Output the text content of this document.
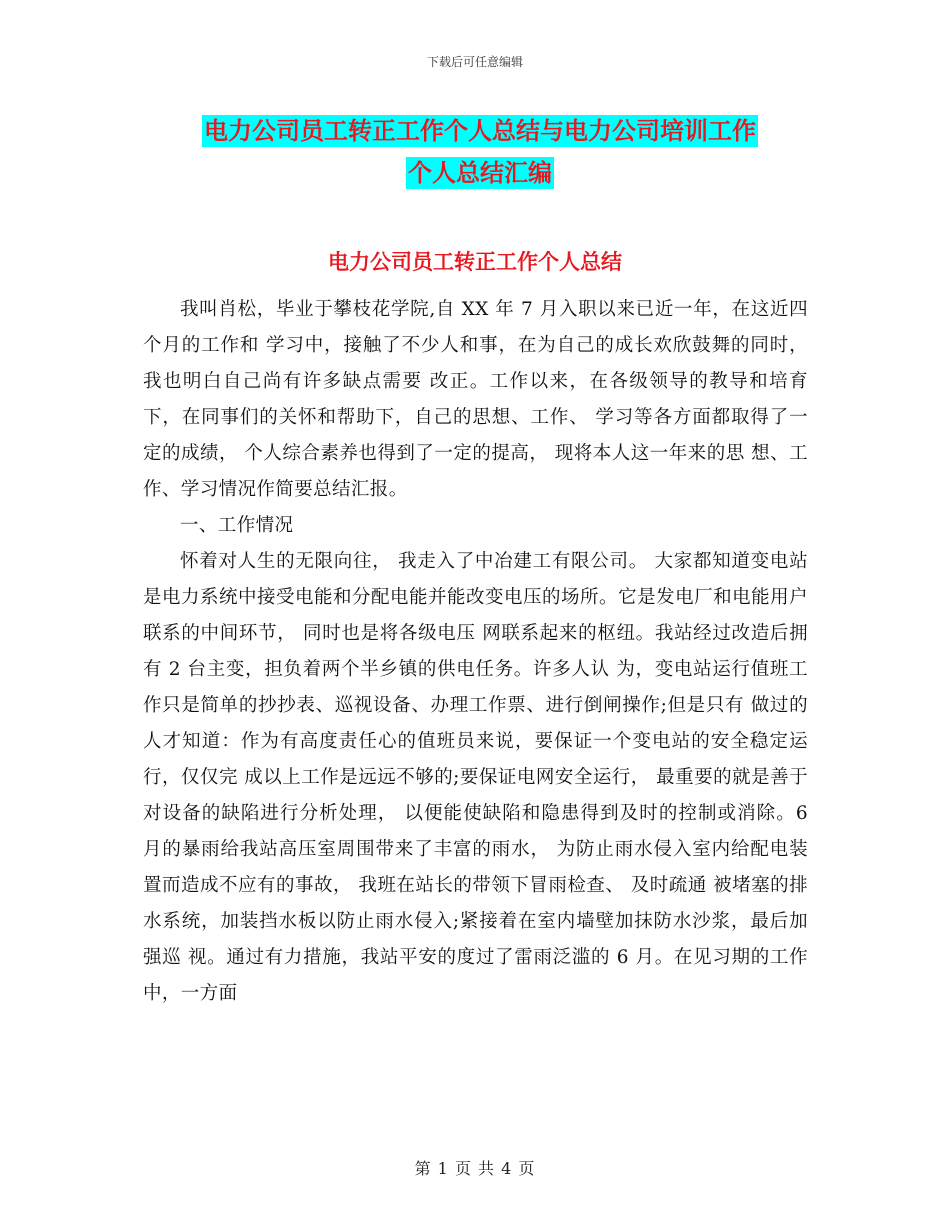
下载后可任意编辑
电力公司员工转正工作个人总结与电力公司培训工作
个人总结汇编
电力公司员工转正工作个人总结

我叫肖松，毕业于攀枝花学院,自 XX 年 7 月入职以来已近一年，在这近四个月的工作和 学习中，接触了不少人和事，在为自己的成长欢欣鼓舞的同时，我也明白自己尚有许多缺点需要 改正。工作以来，在各级领导的教导和培育下，在同事们的关怀和帮助下，自己的思想、工作、 学习等各方面都取得了一定的成绩， 个人综合素养也得到了一定的提高， 现将本人这一年来的思 想、工作、学习情况作简要总结汇报。

一、工作情况

怀着对人生的无限向往， 我走入了中冶建工有限公司。 大家都知道变电站是电力系统中接受电能和分配电能并能改变电压的场所。它是发电厂和电能用户联系的中间环节， 同时也是将各级电压 网联系起来的枢纽。我站经过改造后拥有 2 台主变，担负着两个半乡镇的供电任务。许多人认 为，变电站运行值班工作只是简单的抄抄表、巡视设备、办理工作票、进行倒闸操作;但是只有 做过的人才知道：作为有高度责任心的值班员来说，要保证一个变电站的安全稳定运行，仅仅完 成以上工作是远远不够的;要保证电网安全运行， 最重要的就是善于对设备的缺陷进行分析处理， 以便能使缺陷和隐患得到及时的控制或消除。6 月的暴雨给我站高压室周围带来了丰富的雨水， 为防止雨水侵入室内给配电装置而造成不应有的事故， 我班在站长的带领下冒雨检查、 及时疏通 被堵塞的排水系统，加装挡水板以防止雨水侵入;紧接着在室内墙壁加抹防水沙浆，最后加强巡 视。通过有力措施，我站平安的度过了雷雨泛滥的 6 月。在见习期的工作中，一方面

第 1 页 共 4 页
